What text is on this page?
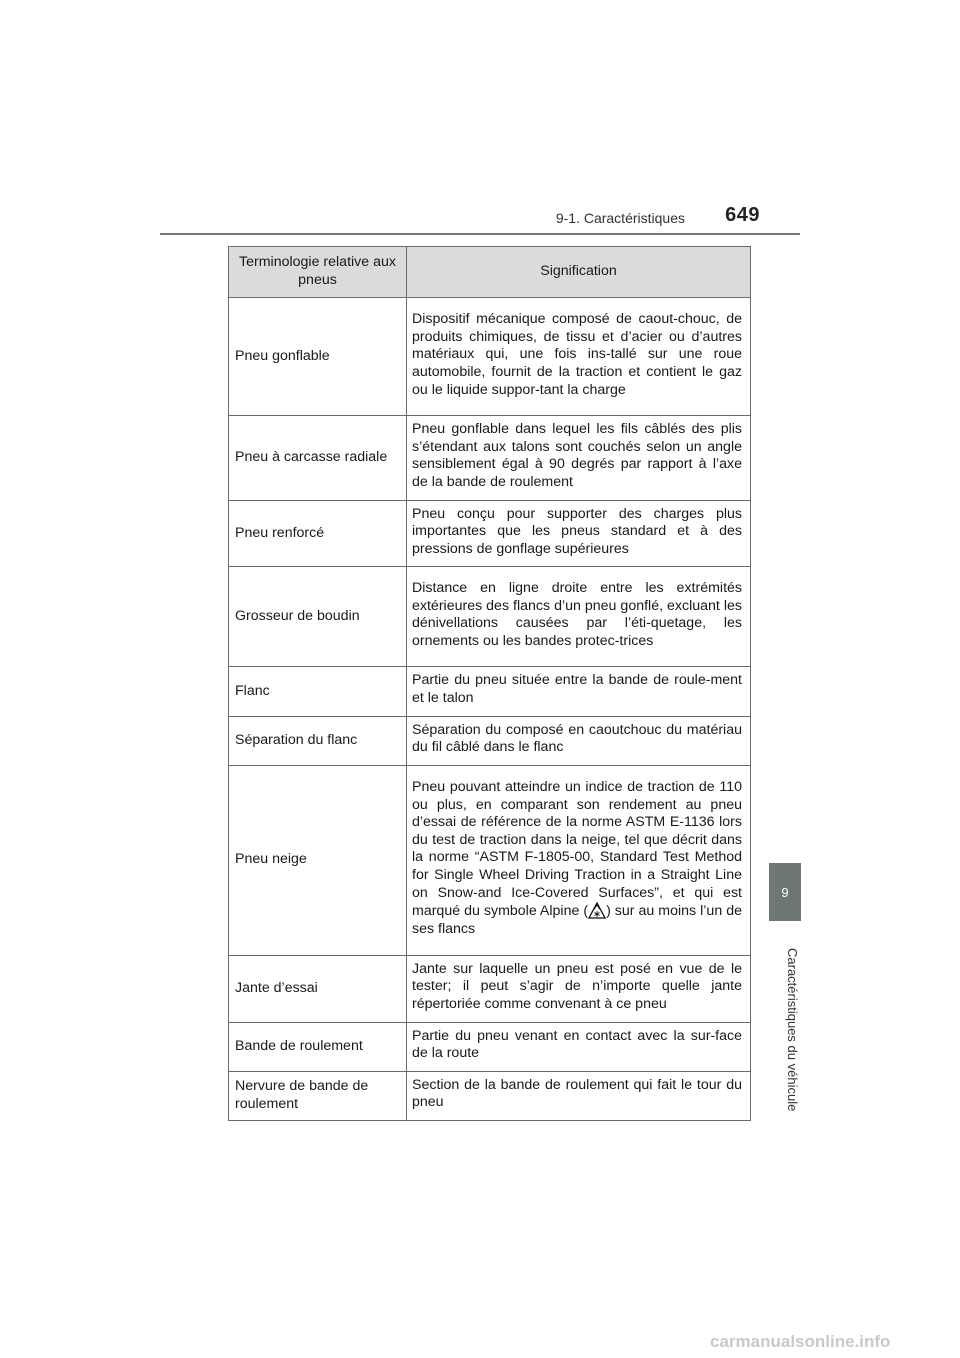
9-1. Caractéristiques 649
9
Caractéristiques du véhicule
Terminologie relative aux pneus	Signification
Pneu gonflable	Dispositif mécanique composé de caout-chouc, de produits chimiques, de tissu et d’acier ou d’autres matériaux qui, une fois ins-tallé sur une roue automobile, fournit de la traction et contient le gaz ou le liquide suppor-tant la charge
Pneu à carcasse radiale	Pneu gonflable dans lequel les fils câblés des plis s’étendant aux talons sont couchés selon un angle sensiblement égal à 90 degrés par rapport à l’axe de la bande de roulement
Pneu renforcé	Pneu conçu pour supporter des charges plus importantes que les pneus standard et à des pressions de gonflage supérieures
Grosseur de boudin	Distance en ligne droite entre les extrémités extérieures des flancs d’un pneu gonflé, excluant les dénivellations causées par l’éti-quetage, les ornements ou les bandes protec-trices
Flanc	Partie du pneu située entre la bande de roule-ment et le talon
Séparation du flanc	Séparation du composé en caoutchouc du matériau du fil câblé dans le flanc
Pneu neige	Pneu pouvant atteindre un indice de traction de 110 ou plus, en comparant son rendement au pneu d’essai de référence de la norme ASTM E-1136 lors du test de traction dans la neige, tel que décrit dans la norme “ASTM F-1805-00, Standard Test Method for Single Wheel Driving Traction in a Straight Line on Snow-and Ice-Covered Surfaces”, et qui est marqué du symbole Alpine ( ) sur au moins l’un de ses flancs
Jante d’essai	Jante sur laquelle un pneu est posé en vue de le tester; il peut s’agir de n’importe quelle jante répertoriée comme convenant à ce pneu
Bande de roulement	Partie du pneu venant en contact avec la sur-face de la route
Nervure de bande de roulement	Section de la bande de roulement qui fait le tour du pneu
carmanualsonline.info
